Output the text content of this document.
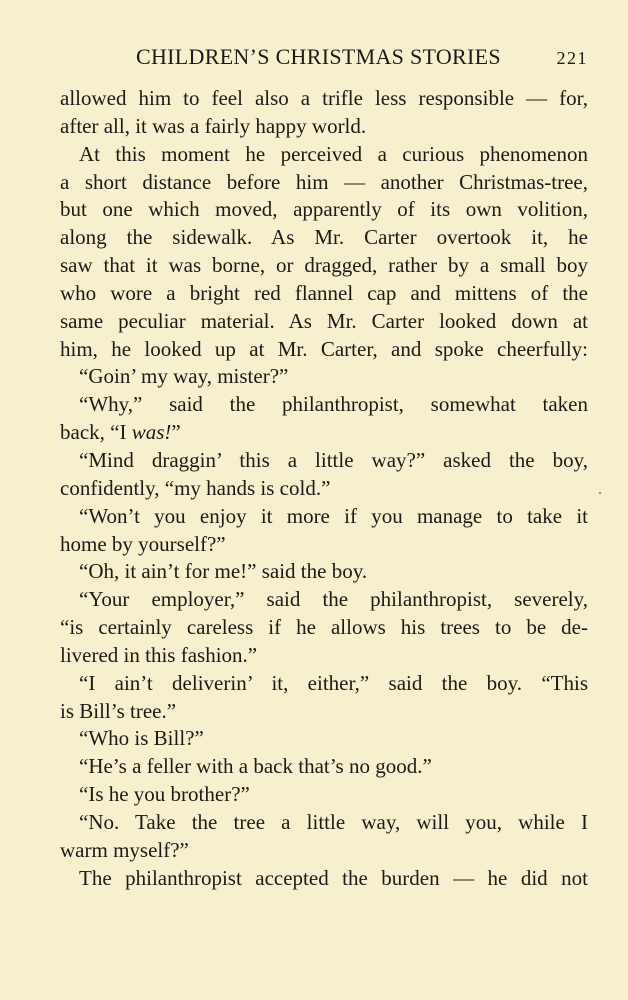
CHILDREN’S CHRISTMAS STORIES	221
allowed him to feel also a trifle less responsible — for,
after all, it was a fairly happy world.
At this moment he perceived a curious phenomenon
a short distance before him — another Christmas-tree,
but one which moved, apparently of its own volition,
along the sidewalk. As Mr. Carter overtook it, he
saw that it was borne, or dragged, rather by a small boy
who wore a bright red flannel cap and mittens of the
same peculiar material. As Mr. Carter looked down at
him, he looked up at Mr. Carter, and spoke cheerfully:
“Goin’ my way, mister?”
“Why,” said the philanthropist, somewhat taken
back, “I was!”
“Mind draggin’ this a little way?” asked the boy,
confidently, “my hands is cold.”
“Won’t you enjoy it more if you manage to take it
home by yourself?”
“Oh, it ain’t for me!” said the boy.
“Your employer,” said the philanthropist, severely,
“is certainly careless if he allows his trees to be de-
livered in this fashion.”
“I ain’t deliverin’ it, either,” said the boy. “This
is Bill’s tree.”
“Who is Bill?”
“He’s a feller with a back that’s no good.”
“Is he you brother?”
“No. Take the tree a little way, will you, while I
warm myself?”
The philanthropist accepted the burden — he did not
